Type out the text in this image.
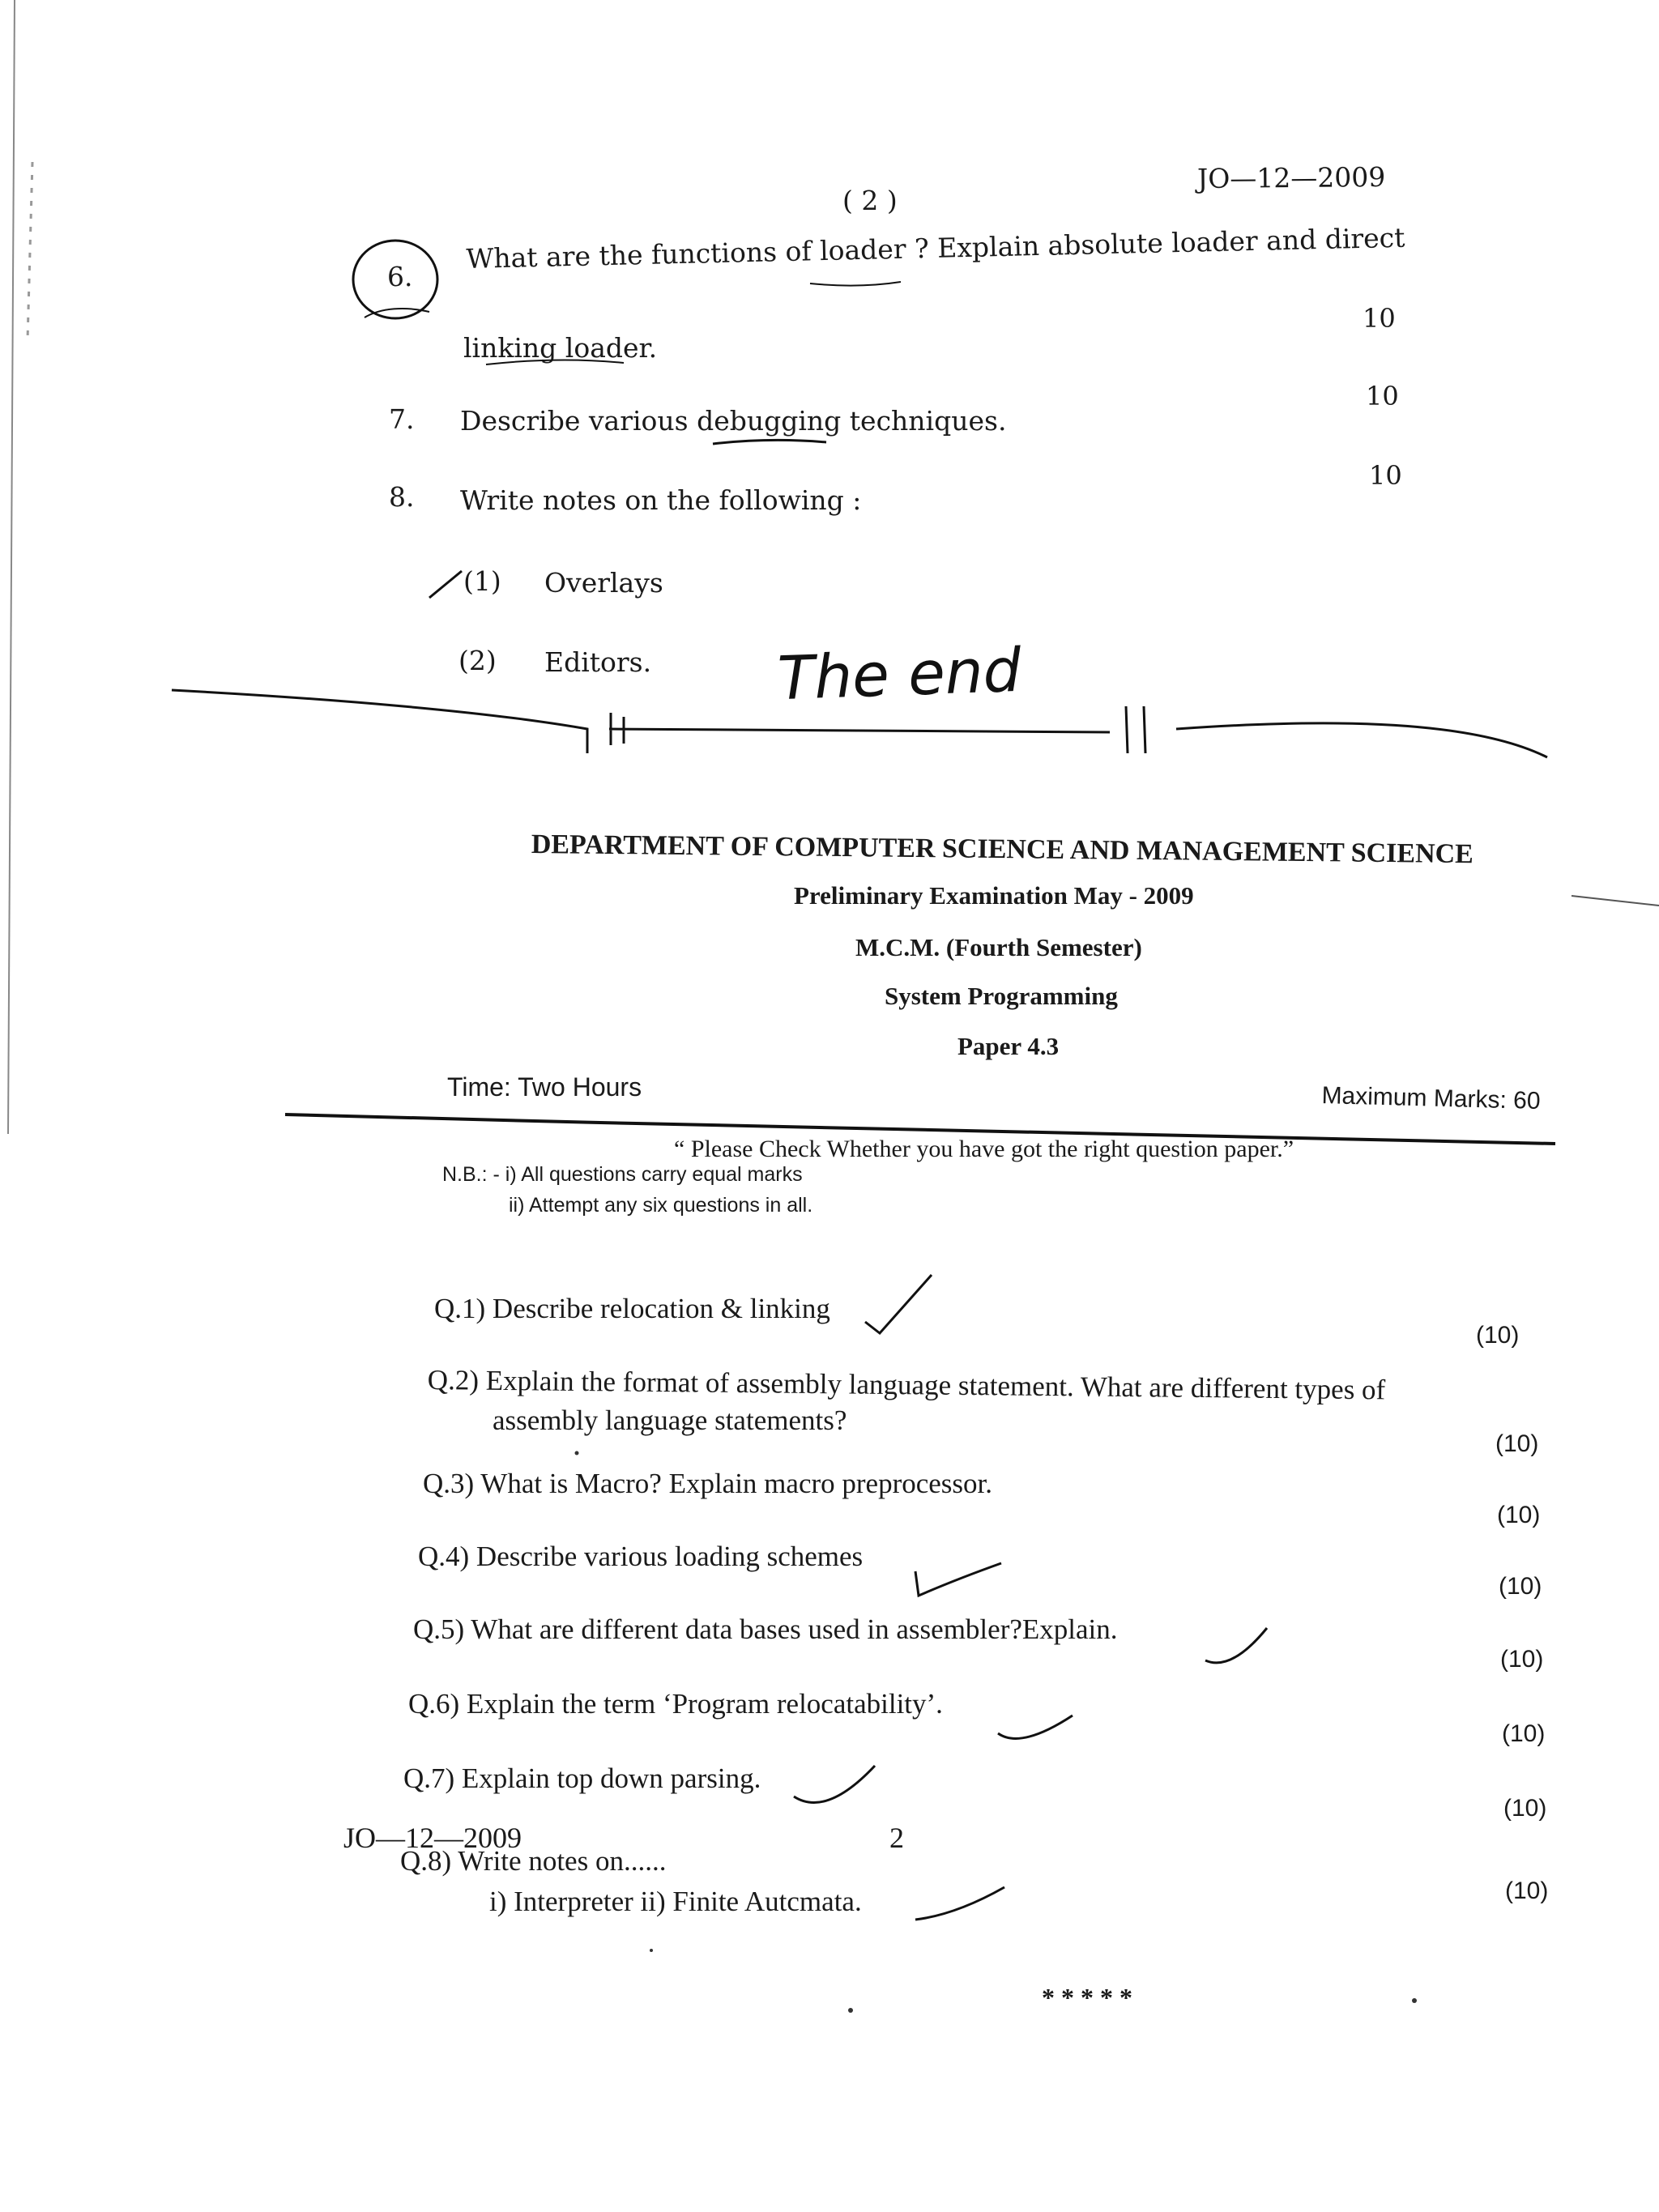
( 2 )
JO—12—2009
6.
What are the functions of loader ? Explain absolute loader and direct
linking loader.
10
7. Describe various debugging techniques.
10
8. Write notes on the following :
10
(1) Overlays
(2) Editors. The end
DEPARTMENT OF COMPUTER SCIENCE AND MANAGEMENT SCIENCE
Preliminary Examination May - 2009
M.C.M. (Fourth Semester)
System Programming
Paper 4.3
Time: Two Hours	Maximum Marks: 60
“ Please Check Whether you have got the right question paper.”
N.B.: - i) All questions carry equal marks
ii) Attempt any six questions in all.
Q.1) Describe relocation & linking
(10)
Q.2) Explain the format of assembly language statement. What are different types of
assembly language statements?
(10)
Q.3) What is Macro? Explain macro preprocessor.
(10)
Q.4) Describe various loading schemes
(10)
Q.5) What are different data bases used in assembler?Explain.
(10)
Q.6) Explain the term ‘Program relocatability’.
(10)
Q.7) Explain top down parsing.
(10)
JO—12—2009	2
Q.8) Write notes on......
i) Interpreter ii) Finite Autcmata.	(10)
* * * * *
